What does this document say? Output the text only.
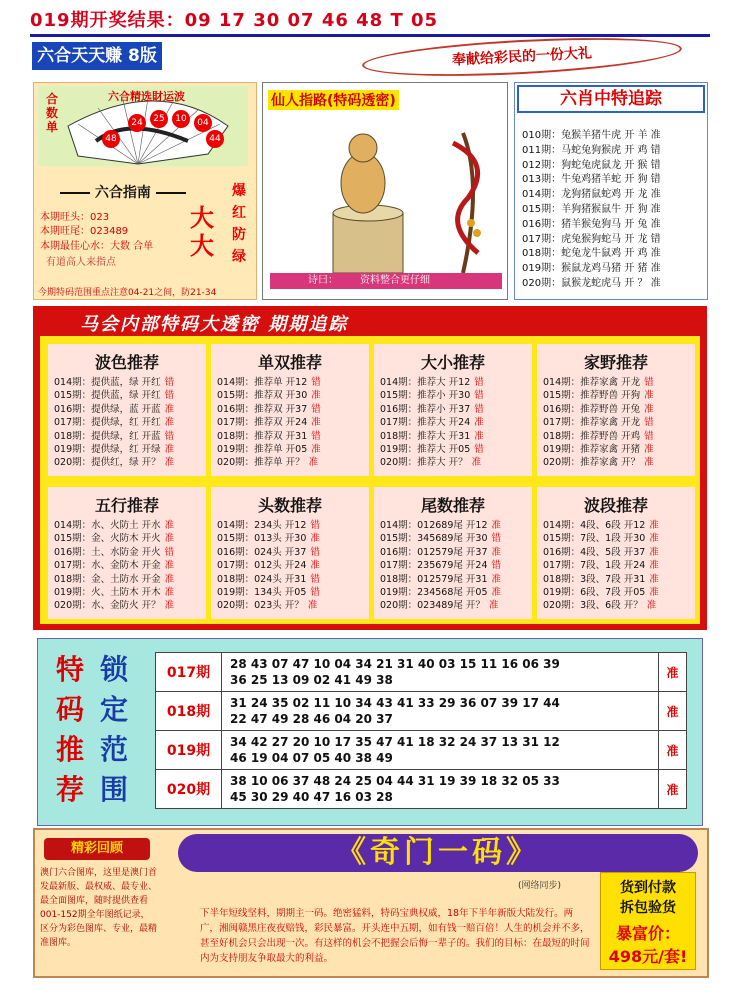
019期开奖结果：09 17 30 07 46 48 T 05
六合天天赚 8版	奉献给彩民的一份大礼
合数单
六合精选財运波
48
24	25	10	04
44
六合指南
本期旺头：023
本期旺尾：023489
本期最佳心水：大数 合单
有道高人来指点
爆红防绿
大大
今期特码范围重点注意04-21之间，防21-34
仙人指路(特码透密)
诗曰： 资料整合更仔细
六肖中特追踪
010期：兔猴羊猪牛虎 开 羊 准
011期：马蛇兔狗猴虎 开 鸡 错
012期：狗蛇兔虎鼠龙 开 猴 错
013期：牛兔鸡猪羊蛇 开 狗 错
014期：龙狗猪鼠蛇鸡 开 龙 准
015期：羊狗猪猴鼠牛 开 狗 准
016期：猪羊猴兔狗马 开 兔 准
017期：虎兔猴狗蛇马 开 龙 错
018期：蛇兔龙牛鼠鸡 开 鸡 准
019期：猴鼠龙鸡马猪 开 猪 准
020期：鼠猴龙蛇虎马 开 ？ 准
马会内部特码大透密 期期追踪
波色推荐
014期：提供蓝，绿 开红 错
015期：提供蓝，绿 开红 错
016期：提供绿，蓝 开蓝 准
017期：提供绿，红 开红 准
018期：提供绿，红 开蓝 错
019期：提供绿，红 开绿 准
020期：提供红，绿 开？ 准
单双推荐
014期：推荐单 开12 错
015期：推荐双 开30 准
016期：推荐双 开37 错
017期：推荐双 开24 准
018期：推荐双 开31 错
019期：推荐单 开05 准
020期：推荐单 开？ 准
大小推荐
014期：推荐大 开12 错
015期：推荐小 开30 错
016期：推荐小 开37 错
017期：推荐大 开24 准
018期：推荐大 开31 准
019期：推荐大 开05 错
020期：推荐大 开？ 准
家野推荐
014期：推荐家禽 开龙 错
015期：推荐野兽 开狗 准
016期：推荐野兽 开兔 准
017期：推荐家禽 开龙 错
018期：推荐野兽 开鸡 错
019期：推荐家禽 开猪 准
020期：推荐家禽 开？ 准
五行推荐
014期：水、火防土 开水 准
015期：金、火防木 开火 准
016期：土、水防金 开火 错
017期：水、金防木 开金 准
018期：金、土防水 开金 准
019期：火、土防木 开木 准
020期：水、金防火 开？ 准
头数推荐
014期：234头 开12 错
015期：013头 开30 准
016期：024头 开37 错
017期：012头 开24 准
018期：024头 开31 错
019期：134头 开05 错
020期：023头 开？ 准
尾数推荐
014期：012689尾 开12 准
015期：345689尾 开30 错
016期：012579尾 开37 准
017期：235679尾 开24 错
018期：012579尾 开31 准
019期：234568尾 开05 准
020期：023489尾 开？ 准
波段推荐
014期：4段、6段 开12 准
015期：7段、1段 开30 准
016期：4段、5段 开37 准
017期：7段、1段 开24 准
018期：3段、7段 开31 准
019期：6段、7段 开05 准
020期：3段、6段 开？ 准
特
码
推
荐
锁
定
范
围
017期	28 43 07 47 10 04 34 21 31 40 03 15 11 16 06 39
36 25 13 09 02 41 49 38	准
018期	31 24 35 02 11 10 34 43 41 33 29 36 07 39 17 44
22 47 49 28 46 04 20 37	准
019期	34 42 27 20 10 17 35 47 41 18 32 24 37 13 31 12
46 19 04 07 05 40 38 49	准
020期	38 10 06 37 48 24 25 04 44 31 19 39 18 32 05 33
45 30 29 40 47 16 03 28	准
精彩回顾
澳门六合图库，这里是澳门首发最新版、最权威、最专业、最全面图库，随时提供查看001-152期全年图纸记录，区分为彩色图库、专业，最精准图库。
《奇门一码》
(网络同步)
下半年短线坚料，期期主一码。绝密猛料，特码宝典权威，18年下半年新版大陆发行。两广，湘闽赣黑庄夜夜赔钱，彩民暴富。开头连中五期，如有钱一赔百倍！人生的机会并不多，甚至好机会只会出现一次。有这样的机会不把握会后悔一辈子的。我们的目标：在最短的时间内为支持朋友争取最大的利益。
货到付款
拆包验货
暴富价：
498元/套!
